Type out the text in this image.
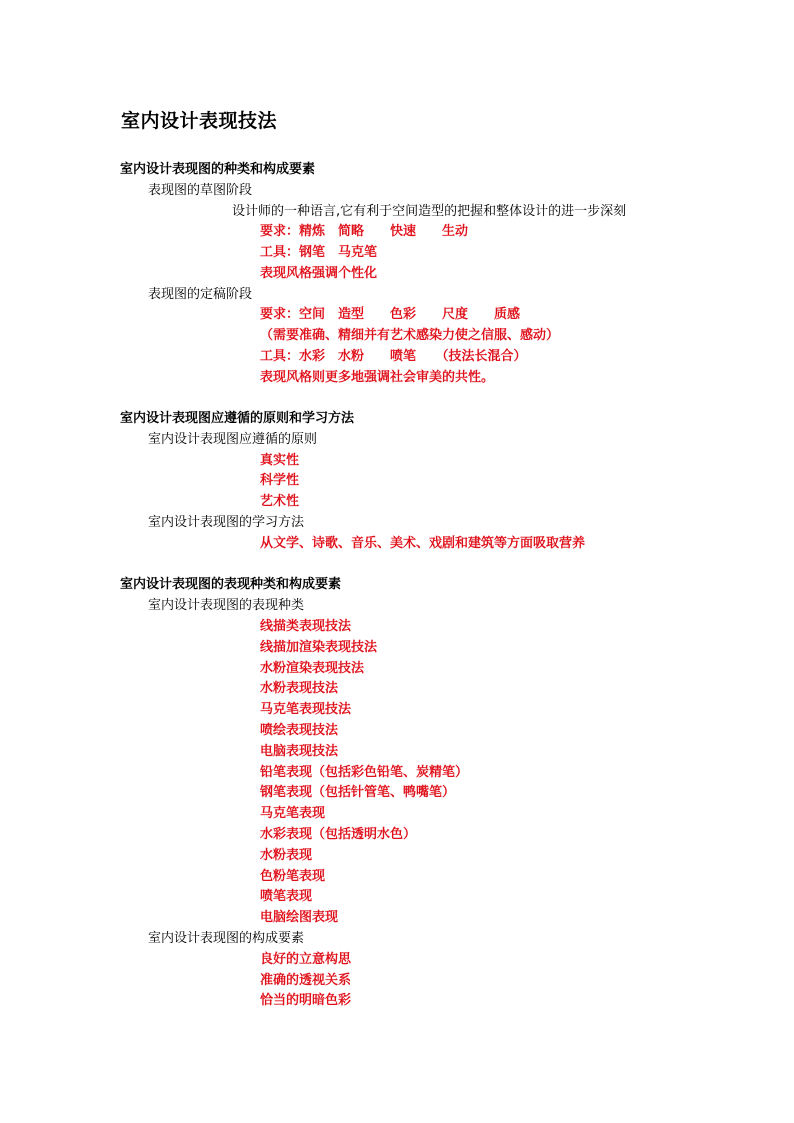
室内设计表现技法
室内设计表现图的种类和构成要素
表现图的草图阶段
设计师的一种语言,它有利于空间造型的把握和整体设计的进一步深刻
要求：精炼　简略　　快速　　生动
工具：钢笔　马克笔
表现风格强调个性化
表现图的定稿阶段
要求：空间　造型　　色彩　　尺度　　质感
（需要准确、精细并有艺术感染力使之信服、感动）
工具：水彩　水粉　　喷笔　　（技法长混合）
表现风格则更多地强调社会审美的共性。
室内设计表现图应遵循的原则和学习方法
室内设计表现图应遵循的原则
真实性
科学性
艺术性
室内设计表现图的学习方法
从文学、诗歌、音乐、美术、戏剧和建筑等方面吸取营养
室内设计表现图的表现种类和构成要素
室内设计表现图的表现种类
线描类表现技法
线描加渲染表现技法
水粉渲染表现技法
水粉表现技法
马克笔表现技法
喷绘表现技法
电脑表现技法
铅笔表现（包括彩色铅笔、炭精笔）
钢笔表现（包括针管笔、鸭嘴笔）
马克笔表现
水彩表现（包括透明水色）
水粉表现
色粉笔表现
喷笔表现
电脑绘图表现
室内设计表现图的构成要素
良好的立意构思
准确的透视关系
恰当的明暗色彩
